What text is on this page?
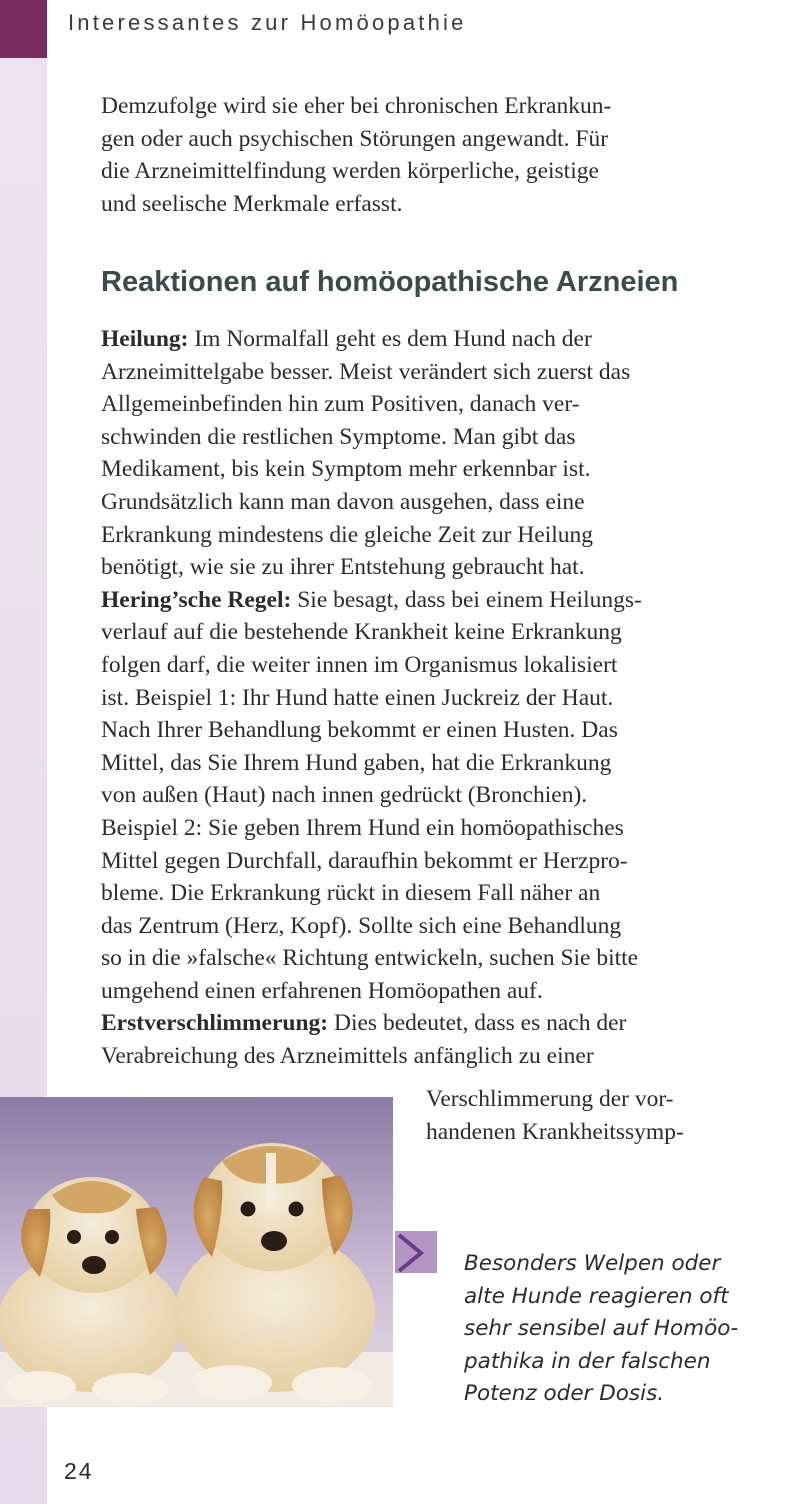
Interessantes zur Homöopathie

Demzufolge wird sie eher bei chronischen Erkrankun-

gen oder auch psychischen Störungen angewandt. Für

die Arzneimittelfindung werden körperliche, geistige

und seelische Merkmale erfasst.

Reaktionen auf homöopathische Arzneien

Heilung: Im Normalfall geht es dem Hund nach der

Arzneimittelgabe besser. Meist verändert sich zuerst das

Allgemeinbefinden hin zum Positiven, danach ver-

schwinden die restlichen Symptome. Man gibt das

Medikament, bis kein Symptom mehr erkennbar ist.

Grundsätzlich kann man davon ausgehen, dass eine

Erkrankung mindestens die gleiche Zeit zur Heilung

benötigt, wie sie zu ihrer Entstehung gebraucht hat.

Hering’sche Regel: Sie besagt, dass bei einem Heilungs-

verlauf auf die bestehende Krankheit keine Erkrankung

folgen darf, die weiter innen im Organismus lokalisiert

ist. Beispiel 1: Ihr Hund hatte einen Juckreiz der Haut.

Nach Ihrer Behandlung bekommt er einen Husten. Das

Mittel, das Sie Ihrem Hund gaben, hat die Erkrankung

von außen (Haut) nach innen gedrückt (Bronchien).

Beispiel 2: Sie geben Ihrem Hund ein homöopathisches

Mittel gegen Durchfall, daraufhin bekommt er Herzpro-

bleme. Die Erkrankung rückt in diesem Fall näher an

das Zentrum (Herz, Kopf). Sollte sich eine Behandlung

so in die »falsche« Richtung entwickeln, suchen Sie bitte

umgehend einen erfahrenen Homöopathen auf.

Erstverschlimmerung: Dies bedeutet, dass es nach der

Verabreichung des Arzneimittels anfänglich zu einer

Verschlimmerung der vor-

handenen Krankheitssymp-

Besonders Welpen oder
alte Hunde reagieren oft
sehr sensibel auf Homöo-
pathika in der falschen
Potenz oder Dosis.
24
